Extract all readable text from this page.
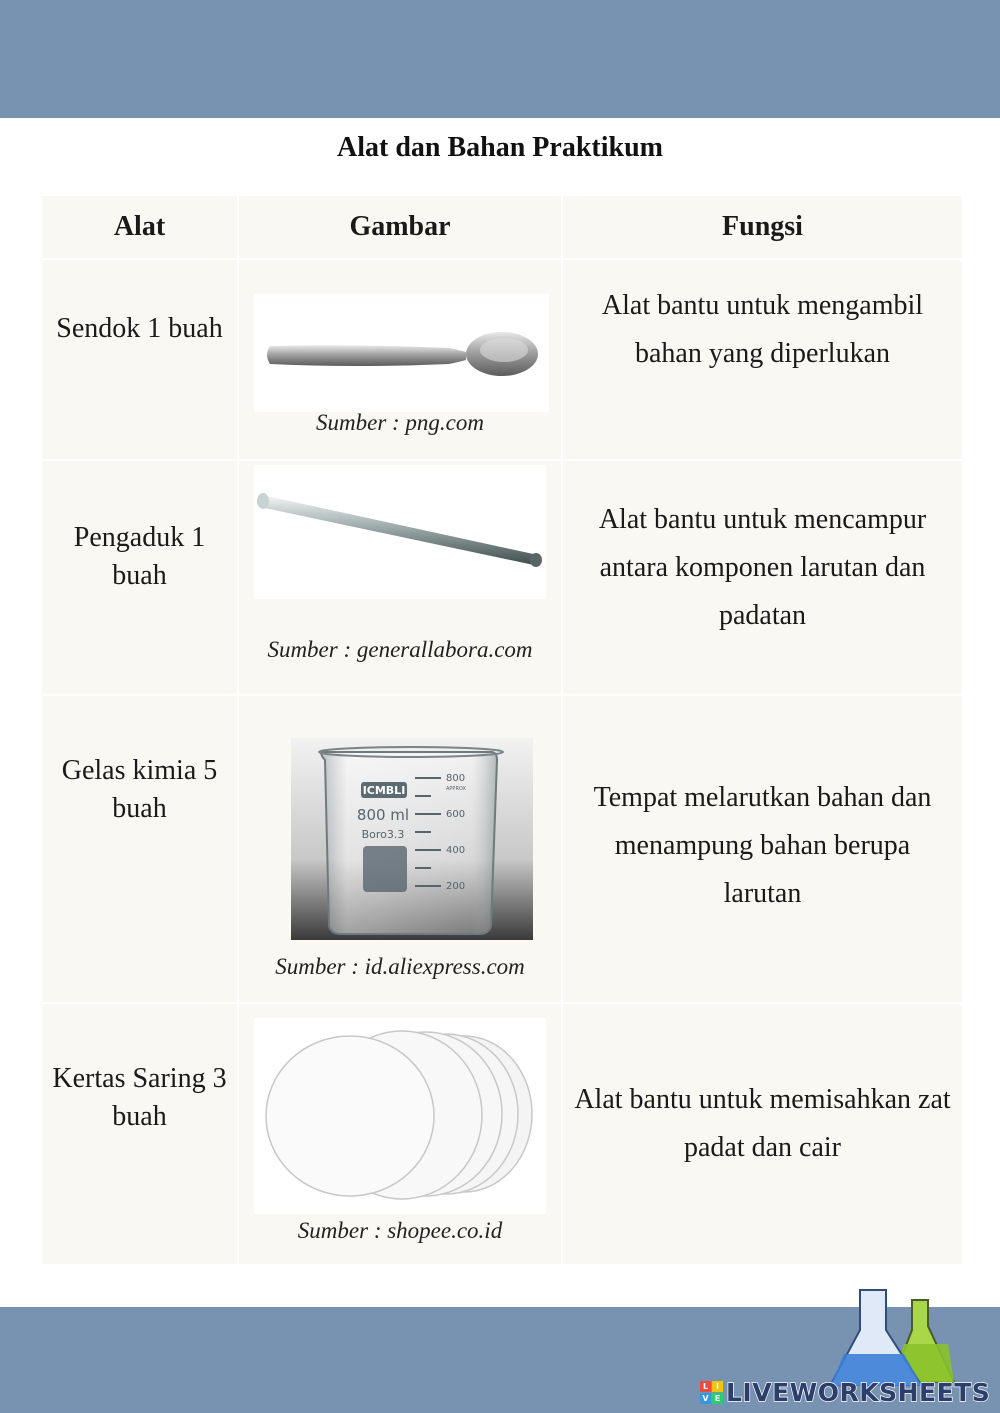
Alat dan Bahan Praktikum
Alat	Gambar	Fungsi
Sendok 1 buah
Sumber : png.com
Alat bantu untuk mengambil bahan yang diperlukan
Pengaduk 1 buah
Sumber : generallabora.com
Alat bantu untuk mencampur antara komponen larutan dan padatan
Gelas kimia 5 buah
ICMBLI
800 ml
Boro3.3
800
600
400
200
APPROX
Sumber : id.aliexpress.com
Tempat melarutkan bahan dan menampung bahan berupa larutan
Kertas Saring 3 buah
Sumber : shopee.co.id
Alat bantu untuk memisahkan zat padat dan cair
L I
V E LIVEWORKSHEETS
